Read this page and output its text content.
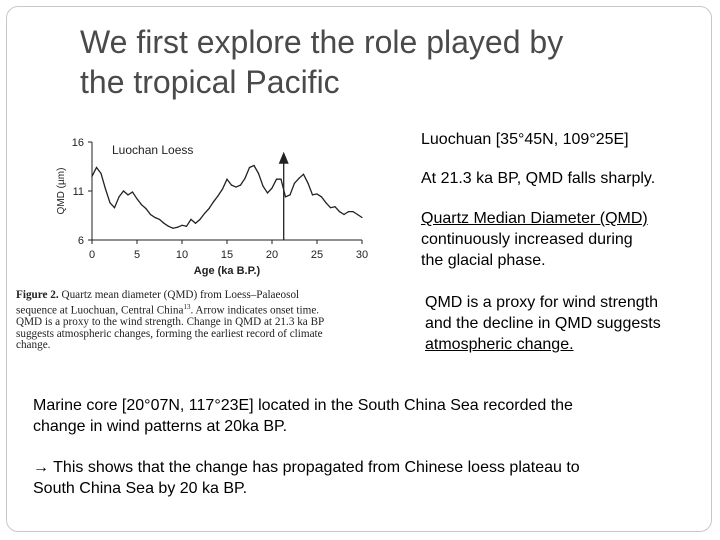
We first explore the role played by
the tropical Pacific
6
11
16
0	5	10	15	20	25	30
Age (ka B.P.)
QMD (µm)
Luochan Loess
Figure 2. Quartz mean diameter (QMD) from Loess–Palaeosol
sequence at Luochuan, Central China$^{13}$. Arrow indicates onset time.
QMD is a proxy to the wind strength. Change in QMD at 21.3 ka BP
suggests atmospheric changes, forming the earliest record of climate
change.
Luochuan [35°45N, 109°25E]
At 21.3 ka BP, QMD falls sharply.
Quartz Median Diameter (QMD)
continuously increased during
the glacial phase.
QMD is a proxy for wind strength
and the decline in QMD suggests
atmospheric change.
Marine core [20°07N, 117°23E] located in the South China Sea recorded the
change in wind patterns at 20ka BP.
→ This shows that the change has propagated from Chinese loess plateau to
South China Sea by 20 ka BP.
